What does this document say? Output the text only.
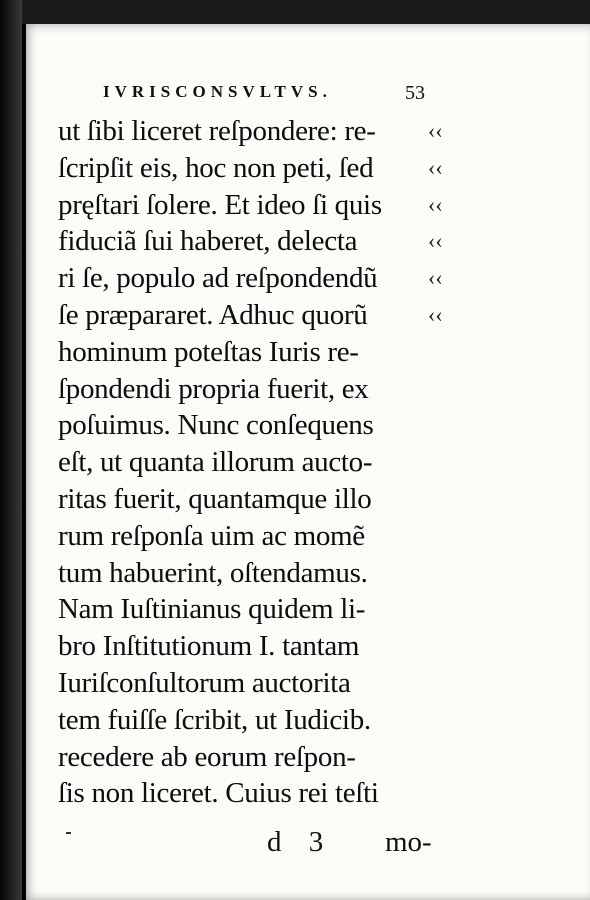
IVRISCONSVLTVS.	53
ut ſibi liceret reſpondere: re-
ſcripſit eis, hoc non peti, ſed
pręſtari ſolere. Et ideo ſi quis
fiduciã ſui haberet, delecta
ri ſe, populo ad reſpondendũ
ſe præpararet. Adhuc quorũ
hominum poteſtas Iuris re-
ſpondendi propria fuerit, ex
poſuimus. Nunc conſequens
eſt, ut quanta illorum auctο-
ritas fuerit, quantamque illo
rum reſponſa uim ac momẽ
tum habuerint, oſtendamus.
Nam Iuſtinianus quidem li-
bro Inſtitutionum I. tantam
Iuriſconſultorum auctorita
tem fuiſſe ſcribit, ut Iudicib.
recedere ab eorum reſpon-
ſis non liceret. Cuius rei teſti
‹‹
‹‹
‹‹
‹‹
‹‹
‹‹
d 3 mo-
